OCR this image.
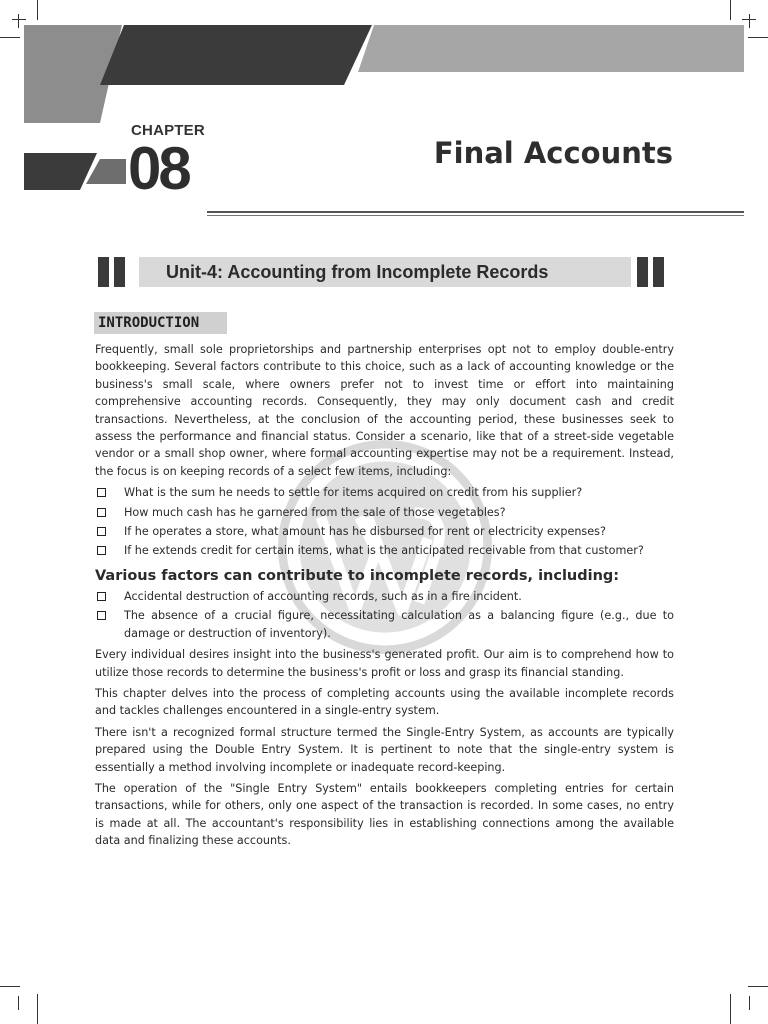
CHAPTER
08	Final Accounts
Unit-4: Accounting from Incomplete Records
INTRODUCTION

Frequently, small sole proprietorships and partnership enterprises opt not to employ double-entry bookkeeping. Several factors contribute to this choice, such as a lack of accounting knowledge or the business's small scale, where owners prefer not to invest time or effort into maintaining comprehensive accounting records. Consequently, they may only document cash and credit transactions. Nevertheless, at the conclusion of the accounting period, these businesses seek to assess the performance and financial status. Consider a scenario, like that of a street-side vegetable vendor or a small shop owner, where formal accounting expertise may not be a requirement. Instead, the focus is on keeping records of a select few items, including:

What is the sum he needs to settle for items acquired on credit from his supplier?
How much cash has he garnered from the sale of those vegetables?
If he operates a store, what amount has he disbursed for rent or electricity expenses?
If he extends credit for certain items, what is the anticipated receivable from that customer?
Various factors can contribute to incomplete records, including:
Accidental destruction of accounting records, such as in a fire incident.
The absence of a crucial figure, necessitating calculation as a balancing figure (e.g., due to damage or destruction of inventory).

Every individual desires insight into the business's generated profit. Our aim is to comprehend how to utilize those records to determine the business's profit or loss and grasp its financial standing.

This chapter delves into the process of completing accounts using the available incomplete records and tackles challenges encountered in a single-entry system.

There isn't a recognized formal structure termed the Single-Entry System, as accounts are typically prepared using the Double Entry System. It is pertinent to note that the single-entry system is essentially a method involving incomplete or inadequate record-keeping.

The operation of the "Single Entry System" entails bookkeepers completing entries for certain transactions, while for others, only one aspect of the transaction is recorded. In some cases, no entry is made at all. The accountant's responsibility lies in establishing connections among the available data and finalizing these accounts.
